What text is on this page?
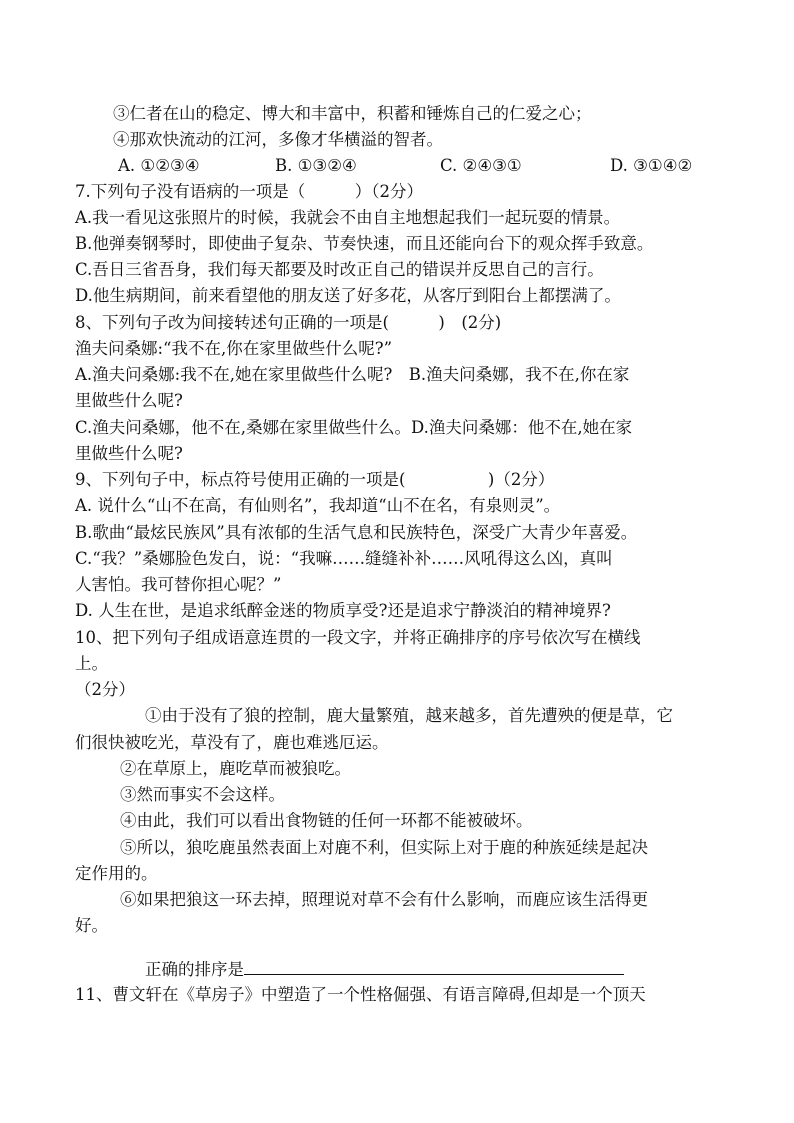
③仁者在山的稳定、博大和丰富中，积蓄和锤炼自己的仁爱之心；
④那欢快流动的江河，多像才华横溢的智者。
A. ①②③④	B. ①③②④	C. ②④③①	D. ③①④②
7.下列句子没有语病的一项是（　　　）（2分）
A.我一看见这张照片的时候，我就会不由自主地想起我们一起玩耍的情景。
B.他弹奏钢琴时，即使曲子复杂、节奏快速，而且还能向台下的观众挥手致意。
C.吾日三省吾身，我们每天都要及时改正自己的错误并反思自己的言行。
D.他生病期间，前来看望他的朋友送了好多花，从客厅到阳台上都摆满了。
8、下列句子改为间接转述句正确的一项是(　　　)　(2分)
渔夫问桑娜:“我不在,你在家里做些什么呢?”
A.渔夫问桑娜:我不在,她在家里做些什么呢?　B.渔夫问桑娜，我不在,你在家
里做些什么呢?
C.渔夫问桑娜，他不在,桑娜在家里做些什么。D.渔夫问桑娜：他不在,她在家
里做些什么呢?
9、下列句子中，标点符号使用正确的一项是(　　　　　)（2分）
A. 说什么“山不在高，有仙则名”，我却道“山不在名，有泉则灵”。
B.歌曲“最炫民族风”具有浓郁的生活气息和民族特色，深受广大青少年喜爱。
C.“我？”桑娜脸色发白，说：“我嘛……缝缝补补……风吼得这么凶，真叫
人害怕。我可替你担心呢？”
D. 人生在世，是追求纸醉金迷的物质享受?还是追求宁静淡泊的精神境界?
10、把下列句子组成语意连贯的一段文字，并将正确排序的序号依次写在横线
上。
（2分）
①由于没有了狼的控制，鹿大量繁殖，越来越多，首先遭殃的便是草，它
们很快被吃光，草没有了，鹿也难逃厄运。
②在草原上，鹿吃草而被狼吃。
③然而事实不会这样。
④由此，我们可以看出食物链的任何一环都不能被破坏。
⑤所以，狼吃鹿虽然表面上对鹿不利，但实际上对于鹿的种族延续是起决
定作用的。
⑥如果把狼这一环去掉，照理说对草不会有什么影响，而鹿应该生活得更
好。
正确的排序是
11、曹文轩在《草房子》中塑造了一个性格倔强、有语言障碍,但却是一个顶天
